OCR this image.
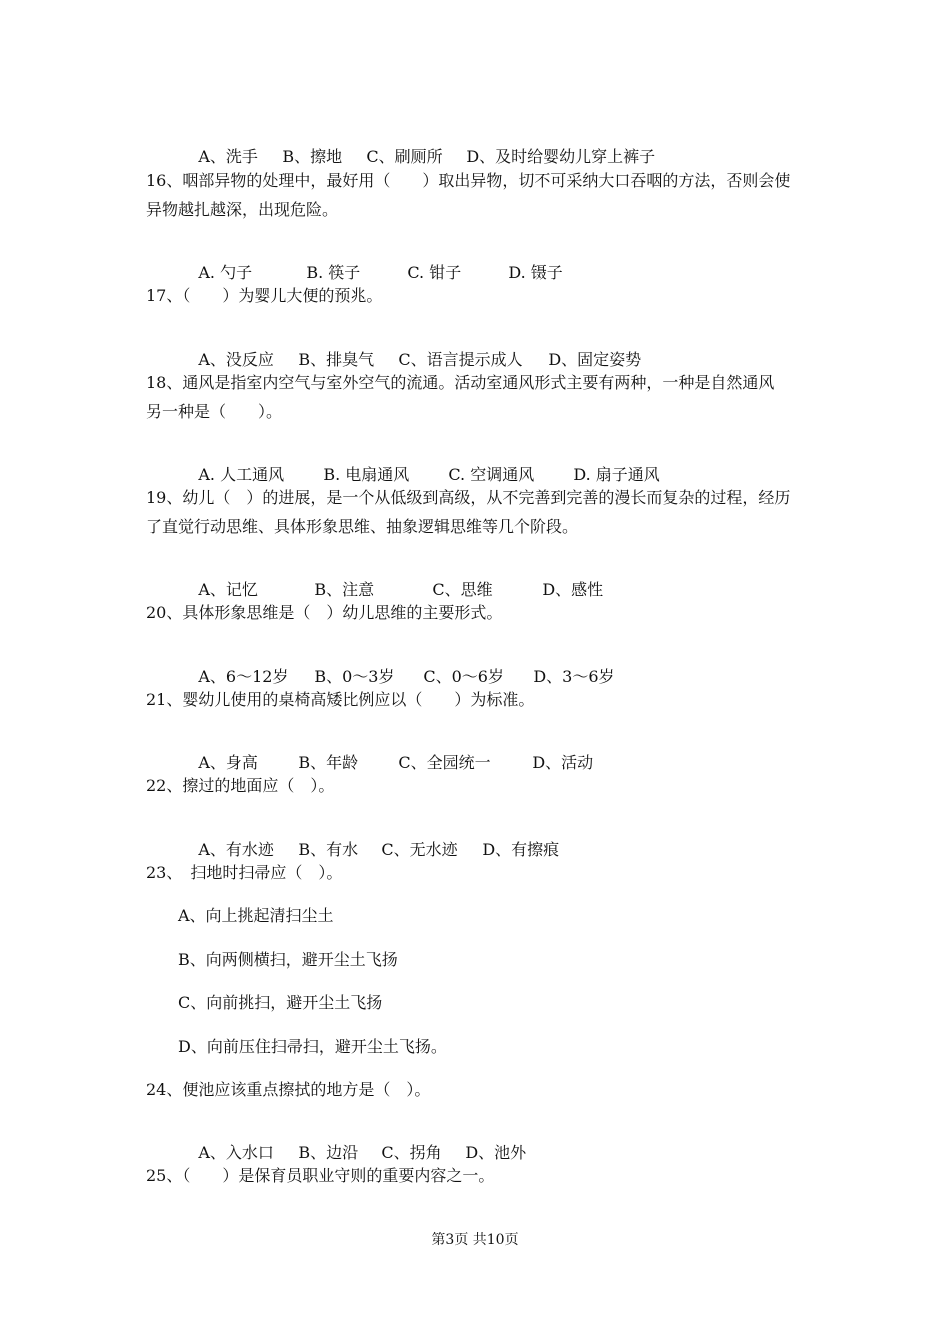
A、洗手 B、擦地 C、刷厕所 D、及时给婴幼儿穿上裤子

16、咽部异物的处理中，最好用（　　）取出异物，切不可采纳大口吞咽的方法，否则会使
异物越扎越深，出现危险。

A. 勺子	B. 筷子	C. 钳子	D. 镊子

17、（　　）为婴儿大便的预兆。

A、没反应 B、排臭气 C、语言提示成人 D、固定姿势

18、通风是指室内空气与室外空气的流通。活动室通风形式主要有两种，一种是自然通风
另一种是（　　）。

A. 人工通风 B. 电扇通风 C. 空调通风 D. 扇子通风

19、幼儿（　）的进展，是一个从低级到高级，从不完善到完善的漫长而复杂的过程，经历
了直觉行动思维、具体形象思维、抽象逻辑思维等几个阶段。

A、记忆	B、注意	C、思维	D、感性

20、具体形象思维是（　）幼儿思维的主要形式。

A、6～12岁 B、0～3岁 C、0～6岁 D、3～6岁

21、婴幼儿使用的桌椅高矮比例应以（　　）为标准。

A、身高	B、年龄	C、全园统一	D、活动

22、擦过的地面应（　）。

A、有水迹 B、有水 C、无水迹 D、有擦痕

23、　扫地时扫帚应（　）。
A、向上挑起清扫尘土
B、向两侧横扫，避开尘土飞扬
C、向前挑扫，避开尘土飞扬
D、向前压住扫帚扫，避开尘土飞扬。
24、便池应该重点擦拭的地方是（　）。

A、入水口 B、边沿 C、拐角 D、池外

25、（　　）是保育员职业守则的重要内容之一。
第3页 共10页
